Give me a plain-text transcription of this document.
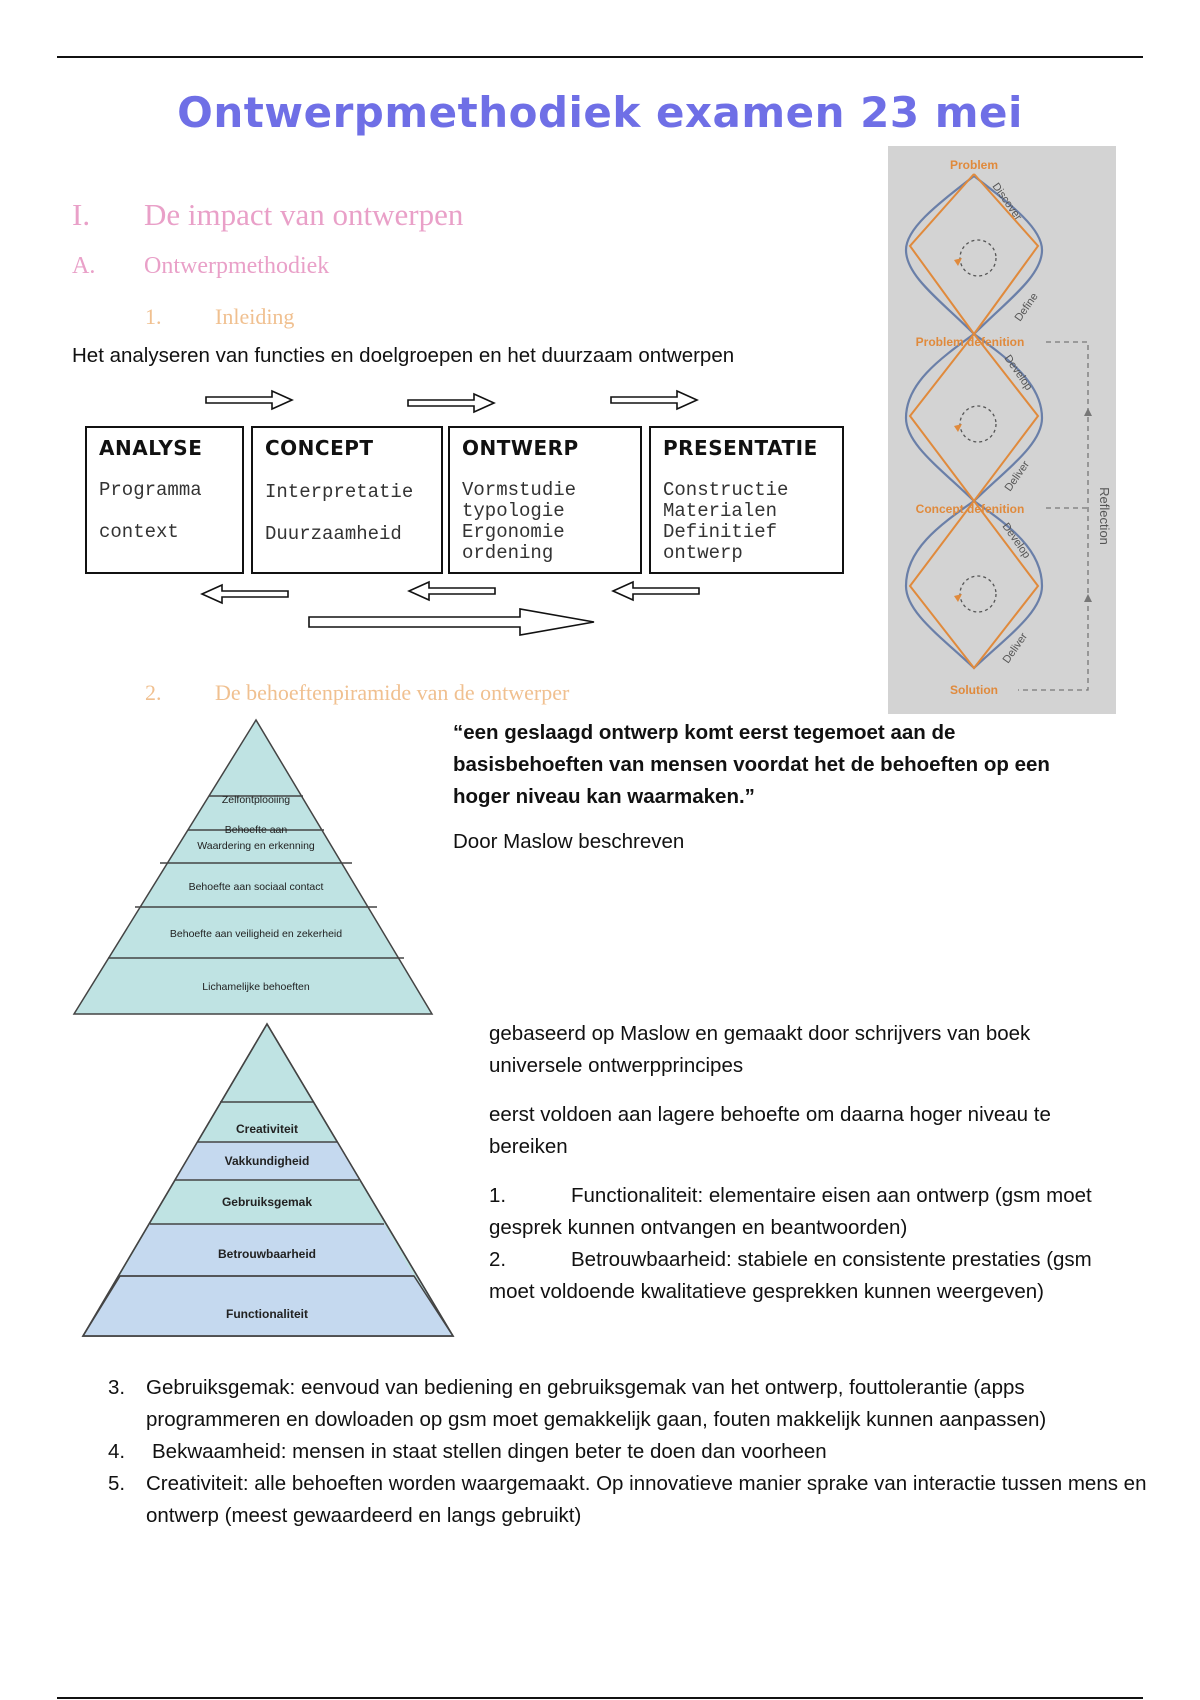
Ontwerpmethodiek examen 23 mei
I. De impact van ontwerpen
A. Ontwerpmethodiek
1. Inleiding
Het analyseren van functies en doelgroepen en het duurzaam ontwerpen
ANALYSE
Programma

context
CONCEPT
Interpretatie

Duurzaamheid
ONTWERP
Vormstudie
typologie
Ergonomie
ordening
PRESENTATIE
Constructie
Materialen
Definitief
ontwerp
Problem
Problem defenition
Concept defenition
Solution
Reflection
Discover
Define
Develop
Deliver
Develop
Deliver
2. De behoeftenpiramide van de ontwerper
Zelfontplooiing
Behoefte aan
Waardering en erkenning
Behoefte aan sociaal contact
Behoefte aan veiligheid en zekerheid
Lichamelijke behoeften
“een geslaagd ontwerp komt eerst tegemoet aan de basisbehoeften van mensen voordat het de behoeften op een hoger niveau kan waarmaken.”
Door Maslow beschreven
Creativiteit
Vakkundigheid
Gebruiksgemak
Betrouwbaarheid
Functionaliteit
gebaseerd op Maslow en gemaakt door schrijvers van boek universele ontwerpprincipes
eerst voldoen aan lagere behoefte om daarna hoger niveau te bereiken
1.	Functionaliteit: elementaire eisen aan ontwerp (gsm moet gesprek kunnen ontvangen en beantwoorden)
2.	Betrouwbaarheid: stabiele en consistente prestaties (gsm moet voldoende kwalitatieve gesprekken kunnen weergeven)
3. Gebruiksgemak: eenvoud van bediening en gebruiksgemak van het ontwerp, fouttolerantie (apps programmeren en dowloaden op gsm moet gemakkelijk gaan, fouten makkelijk kunnen aanpassen)
4. Bekwaamheid: mensen in staat stellen dingen beter te doen dan voorheen
5. Creativiteit: alle behoeften worden waargemaakt. Op innovatieve manier sprake van interactie tussen mens en ontwerp (meest gewaardeerd en langs gebruikt)
